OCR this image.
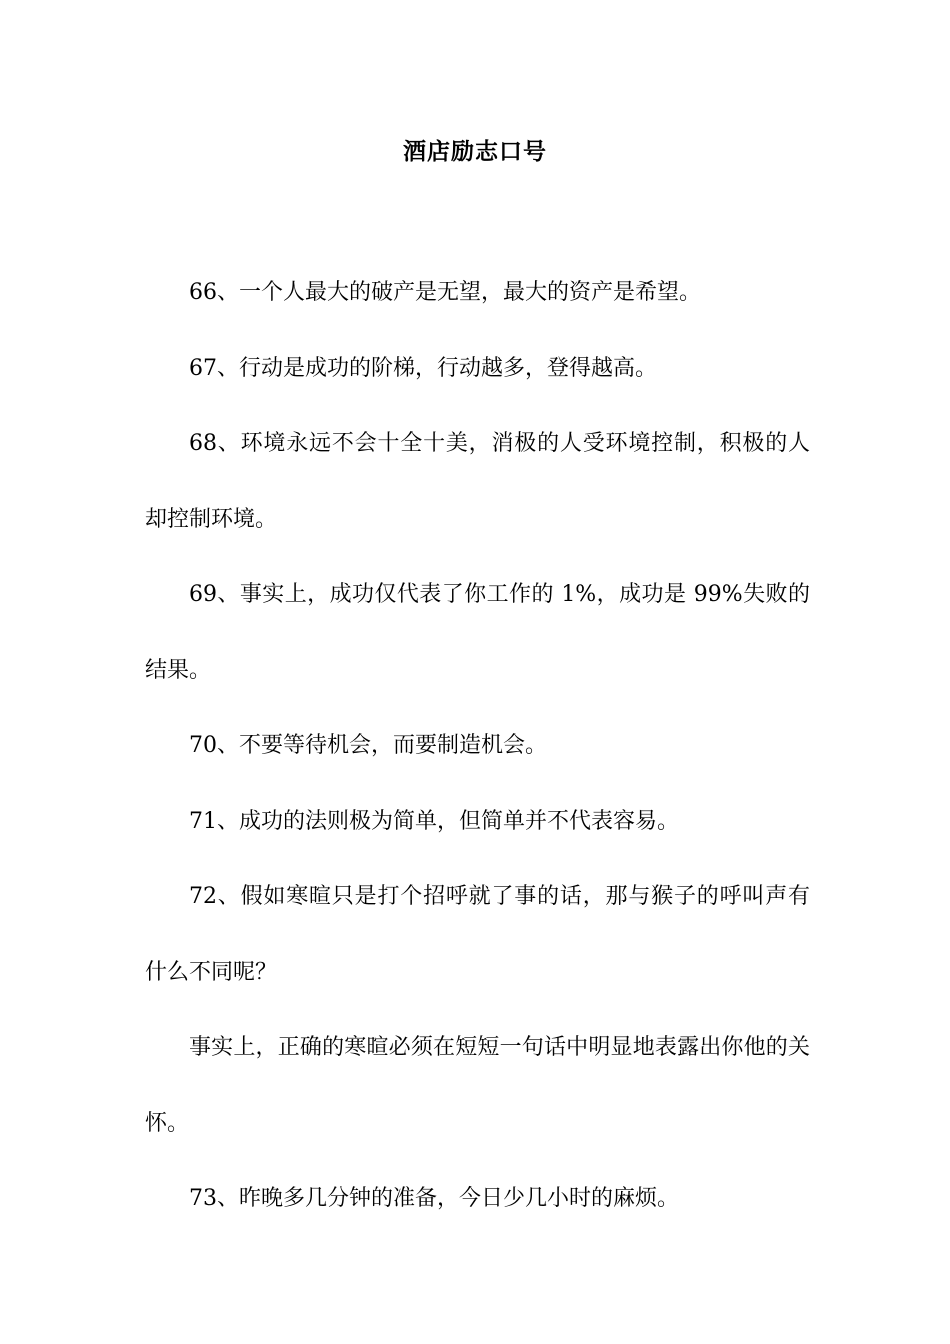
酒店励志口号

66、一个人最大的破产是无望，最大的资产是希望。

67、行动是成功的阶梯，行动越多，登得越高。

68、环境永远不会十全十美，消极的人受环境控制，积极的人却控制环境。

69、事实上，成功仅代表了你工作的 1%，成功是 99%失败的结果。

70、不要等待机会，而要制造机会。

71、成功的法则极为简单，但简单并不代表容易。

72、假如寒暄只是打个招呼就了事的话，那与猴子的呼叫声有什么不同呢？

事实上，正确的寒暄必须在短短一句话中明显地表露出你他的关怀。

73、昨晚多几分钟的准备，今日少几小时的麻烦。
